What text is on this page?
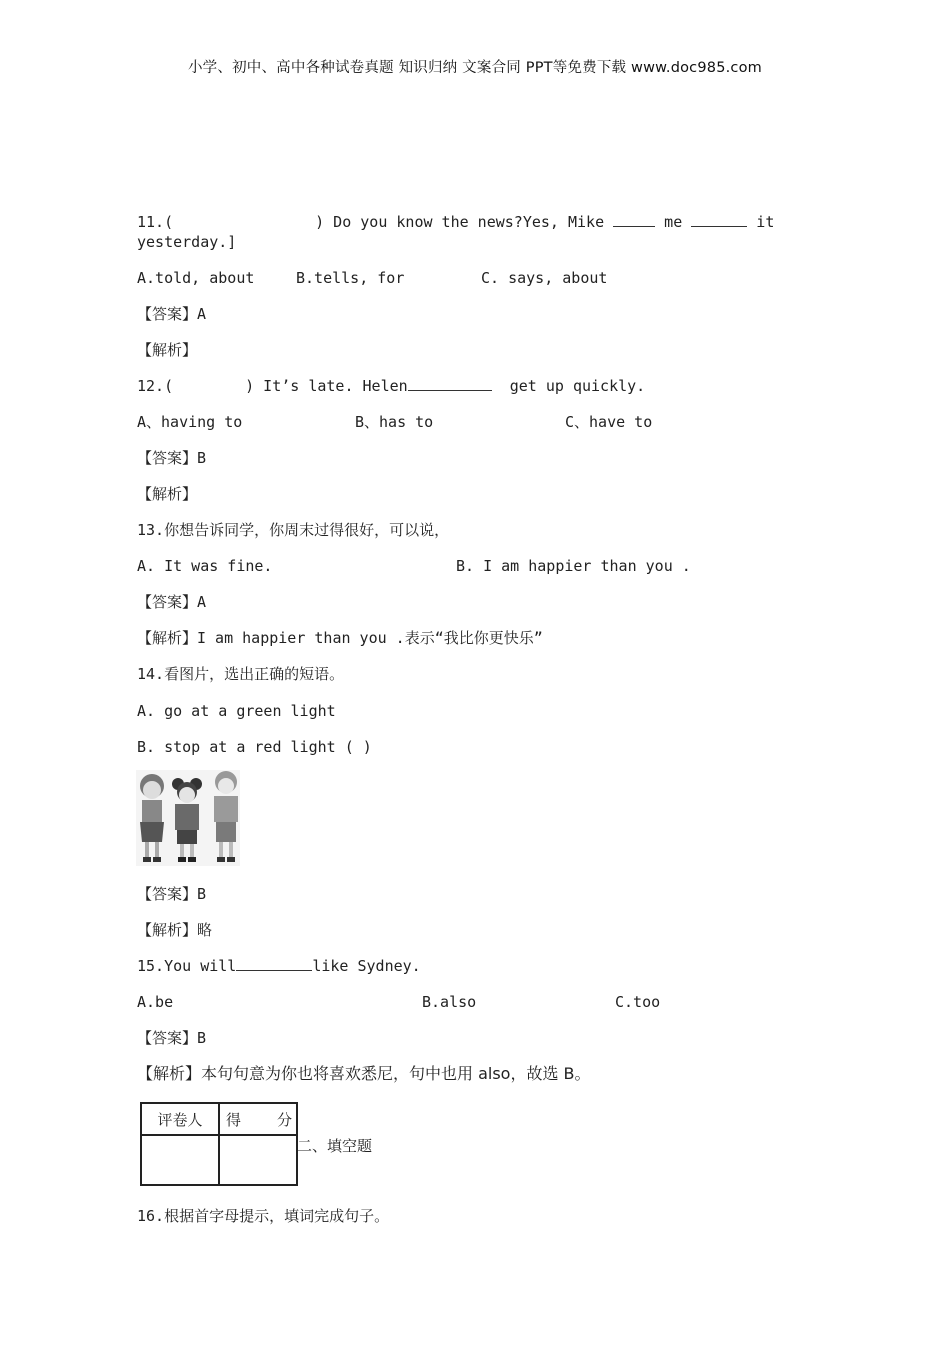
小学、初中、高中各种试卷真题 知识归纳 文案合同 PPT等免费下载 www.doc985.com
11.(	) Do you know the news?Yes, Mike	me	it
yesterday.]
A.told, about	B.tells, for	C. says, about
【答案】A
【解析】
12.(	) It’s late. Helen	get up quickly.
A、having to	B、has to	C、have to
【答案】B
【解析】
13.你想告诉同学，你周末过得很好，可以说，
A. It was fine.	B. I am happier than you .
【答案】A
【解析】I am happier than you .表示“我比你更快乐”
14.看图片，选出正确的短语。
A. go at a green light
B. stop at a red light ( )
【答案】B
【解析】略
15.You will	like Sydney.
A.be	B.also	C.too
【答案】B
【解析】本句句意为你也将喜欢悉尼，句中也用 also，故选 B。
评卷人	得 分

二、填空题
16.根据首字母提示，填词完成句子。
